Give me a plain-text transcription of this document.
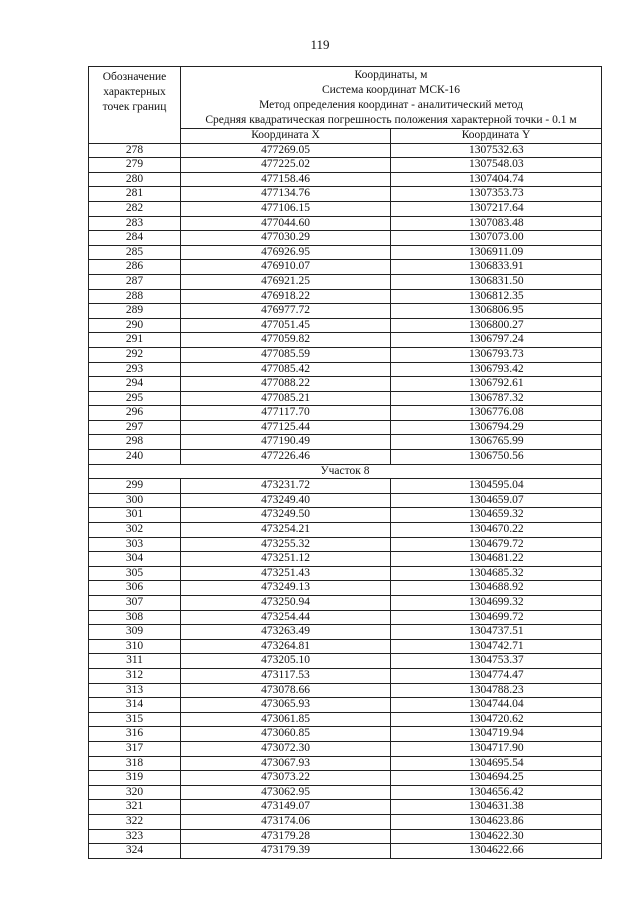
119
Обозначение характерных точек границ	Координаты, м
Система координат МСК-16
Метод определения координат - аналитический метод
Средняя квадратическая погрешность положения характерной точки - 0.1 м	

	Координата X	Координата Y
278	477269.05	1307532.63
279	477225.02	1307548.03
280	477158.46	1307404.74
281	477134.76	1307353.73
282	477106.15	1307217.64
283	477044.60	1307083.48
284	477030.29	1307073.00
285	476926.95	1306911.09
286	476910.07	1306833.91
287	476921.25	1306831.50
288	476918.22	1306812.35
289	476977.72	1306806.95
290	477051.45	1306800.27
291	477059.82	1306797.24
292	477085.59	1306793.73
293	477085.42	1306793.42
294	477088.22	1306792.61
295	477085.21	1306787.32
296	477117.70	1306776.08
297	477125.44	1306794.29
298	477190.49	1306765.99
240	477226.46	1306750.56
Участок 8		
299	473231.72	1304595.04
300	473249.40	1304659.07
301	473249.50	1304659.32
302	473254.21	1304670.22
303	473255.32	1304679.72
304	473251.12	1304681.22
305	473251.43	1304685.32
306	473249.13	1304688.92
307	473250.94	1304699.32
308	473254.44	1304699.72
309	473263.49	1304737.51
310	473264.81	1304742.71
311	473205.10	1304753.37
312	473117.53	1304774.47
313	473078.66	1304788.23
314	473065.93	1304744.04
315	473061.85	1304720.62
316	473060.85	1304719.94
317	473072.30	1304717.90
318	473067.93	1304695.54
319	473073.22	1304694.25
320	473062.95	1304656.42
321	473149.07	1304631.38
322	473174.06	1304623.86
323	473179.28	1304622.30
324	473179.39	1304622.66
